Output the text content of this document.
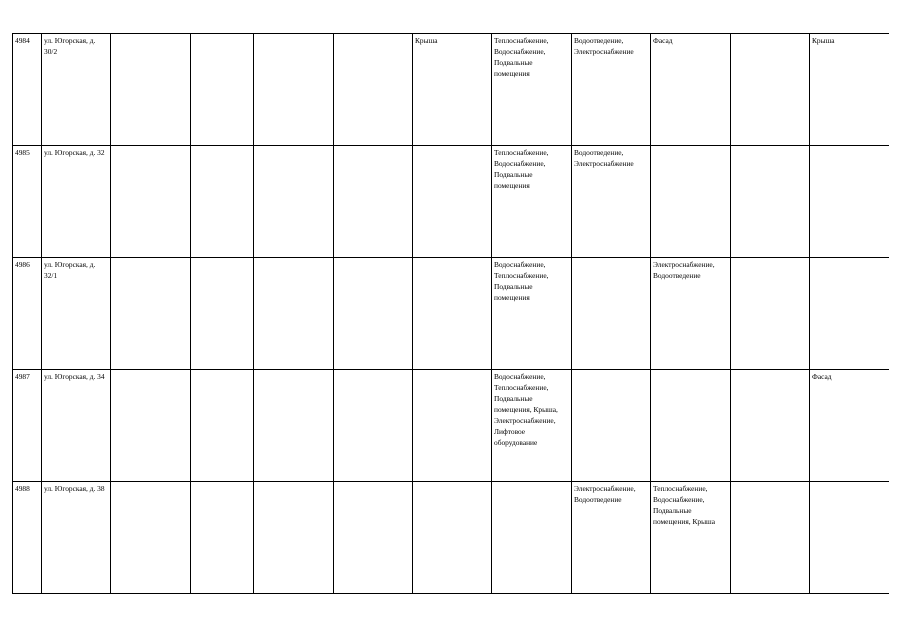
4984	ул. Югорская, д. 30/2					Крыша	Теплоснабжение, Водоснабжение, Подвальные помещения	Водоотведение, Электроснабжение	Фасад		Крыша
4985	ул. Югорская, д. 32						Теплоснабжение, Водоснабжение, Подвальные помещения	Водоотведение, Электроснабжение			
4986	ул. Югорская, д. 32/1						Водоснабжение, Теплоснабжение, Подвальные помещения		Электроснабжение, Водоотведение		
4987	ул. Югорская, д. 34						Водоснабжение, Теплоснабжение, Подвальные помещения, Крыша, Электроснабжение, Лифтовое оборудование				Фасад
4988	ул. Югорская, д. 38							Электроснабжение, Водоотведение	Теплоснабжение, Водоснабжение, Подвальные помещения, Крыша		
